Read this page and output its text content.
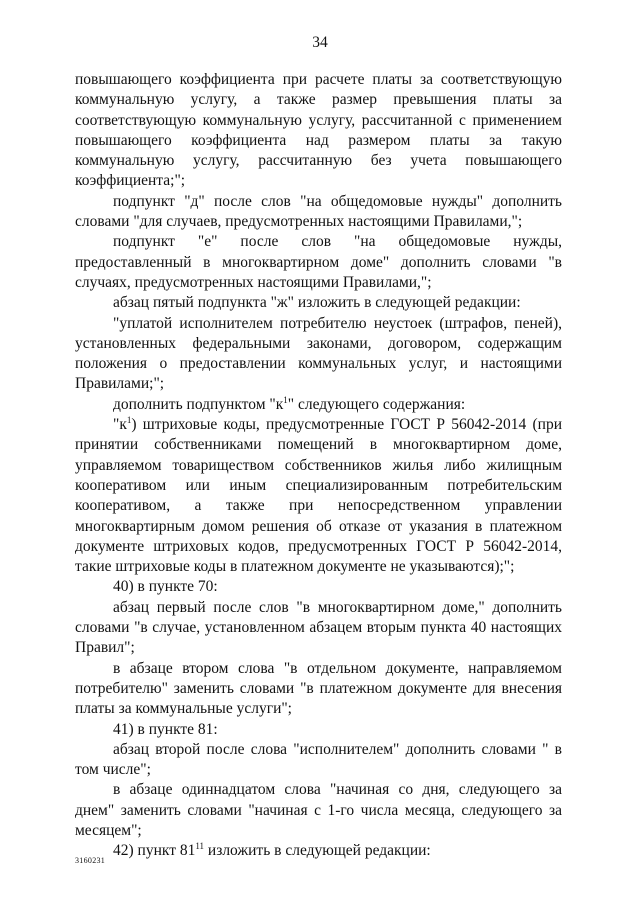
34

повышающего коэффициента при расчете платы за соответствующую коммунальную услугу, а также размер превышения платы за соответствующую коммунальную услугу, рассчитанной с применением повышающего коэффициента над размером платы за такую коммунальную услугу, рассчитанную без учета повышающего коэффициента;";

подпункт "д" после слов "на общедомовые нужды" дополнить словами "для случаев, предусмотренных настоящими Правилами,";

подпункт "е" после слов "на общедомовые нужды, предоставленный в многоквартирном доме" дополнить словами "в случаях, предусмотренных настоящими Правилами,";

абзац пятый подпункта "ж" изложить в следующей редакции:

"уплатой исполнителем потребителю неустоек (штрафов, пеней), установленных федеральными законами, договором, содержащим положения о предоставлении коммунальных услуг, и настоящими Правилами;";

дополнить подпунктом "$к^1$" следующего содержания:

"$к^1$) штриховые коды, предусмотренные ГОСТ Р 56042-2014 (при принятии собственниками помещений в многоквартирном доме, управляемом товариществом собственников жилья либо жилищным кооперативом или иным специализированным потребительским кооперативом, а также при непосредственном управлении многоквартирным домом решения об отказе от указания в платежном документе штриховых кодов, предусмотренных ГОСТ Р 56042-2014, такие штриховые коды в платежном документе не указываются);";

40) в пункте 70:

абзац первый после слов "в многоквартирном доме," дополнить словами "в случае, установленном абзацем вторым пункта 40 настоящих Правил";

в абзаце втором слова "в отдельном документе, направляемом потребителю" заменить словами "в платежном документе для внесения платы за коммунальные услуги";

41) в пункте 81:

абзац второй после слова "исполнителем" дополнить словами " в том числе";

в абзаце одиннадцатом слова "начиная со дня, следующего за днем" заменить словами "начиная с 1-го числа месяца, следующего за месяцем";

42) пункт $81^{11}$ изложить в следующей редакции:

3160231
